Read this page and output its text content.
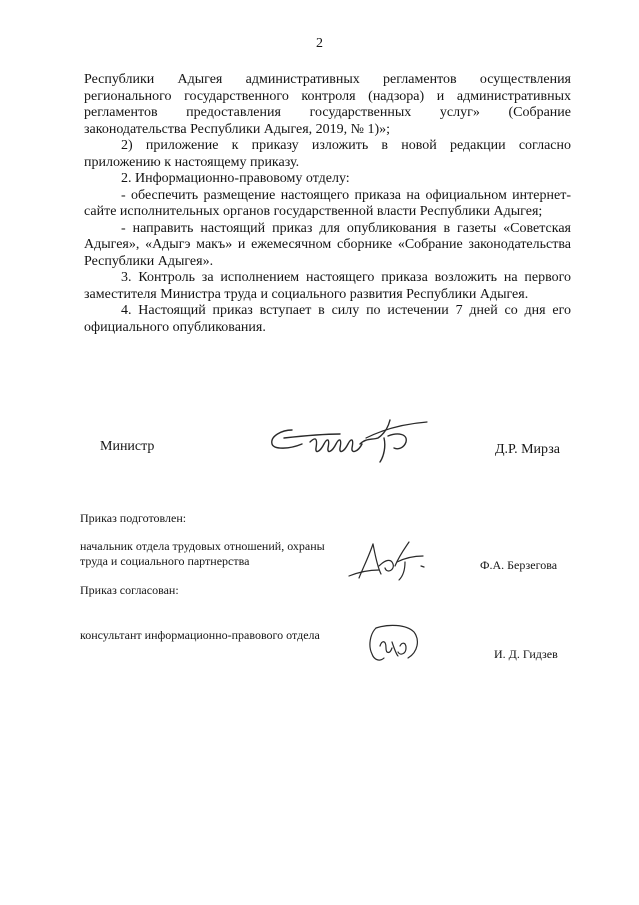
2

Республики Адыгея административных регламентов осуществления регионального государственного контроля (надзора) и административных регламентов предоставления государственных услуг» (Собрание законодательства Республики Адыгея, 2019, № 1)»;

2) приложение к приказу изложить в новой редакции согласно приложению к настоящему приказу.

2. Информационно-правовому отделу:

- обеспечить размещение настоящего приказа на официальном интернет-сайте исполнительных органов государственной власти Республики Адыгея;

- направить настоящий приказ для опубликования в газеты «Советская Адыгея», «Адыгэ макъ» и ежемесячном сборнике «Собрание законодательства Республики Адыгея».

3. Контроль за исполнением настоящего приказа возложить на первого заместителя Министра труда и социального развития Республики Адыгея.

4. Настоящий приказ вступает в силу по истечении 7 дней со дня его официального опубликования.

Министр	Д.Р. Мирза
Приказ подготовлен:
начальник отдела трудовых отношений, охраны труда и социального партнерства	Ф.А. Берзегова
Приказ согласован:
консультант информационно-правового отдела
И. Д. Гидзев
